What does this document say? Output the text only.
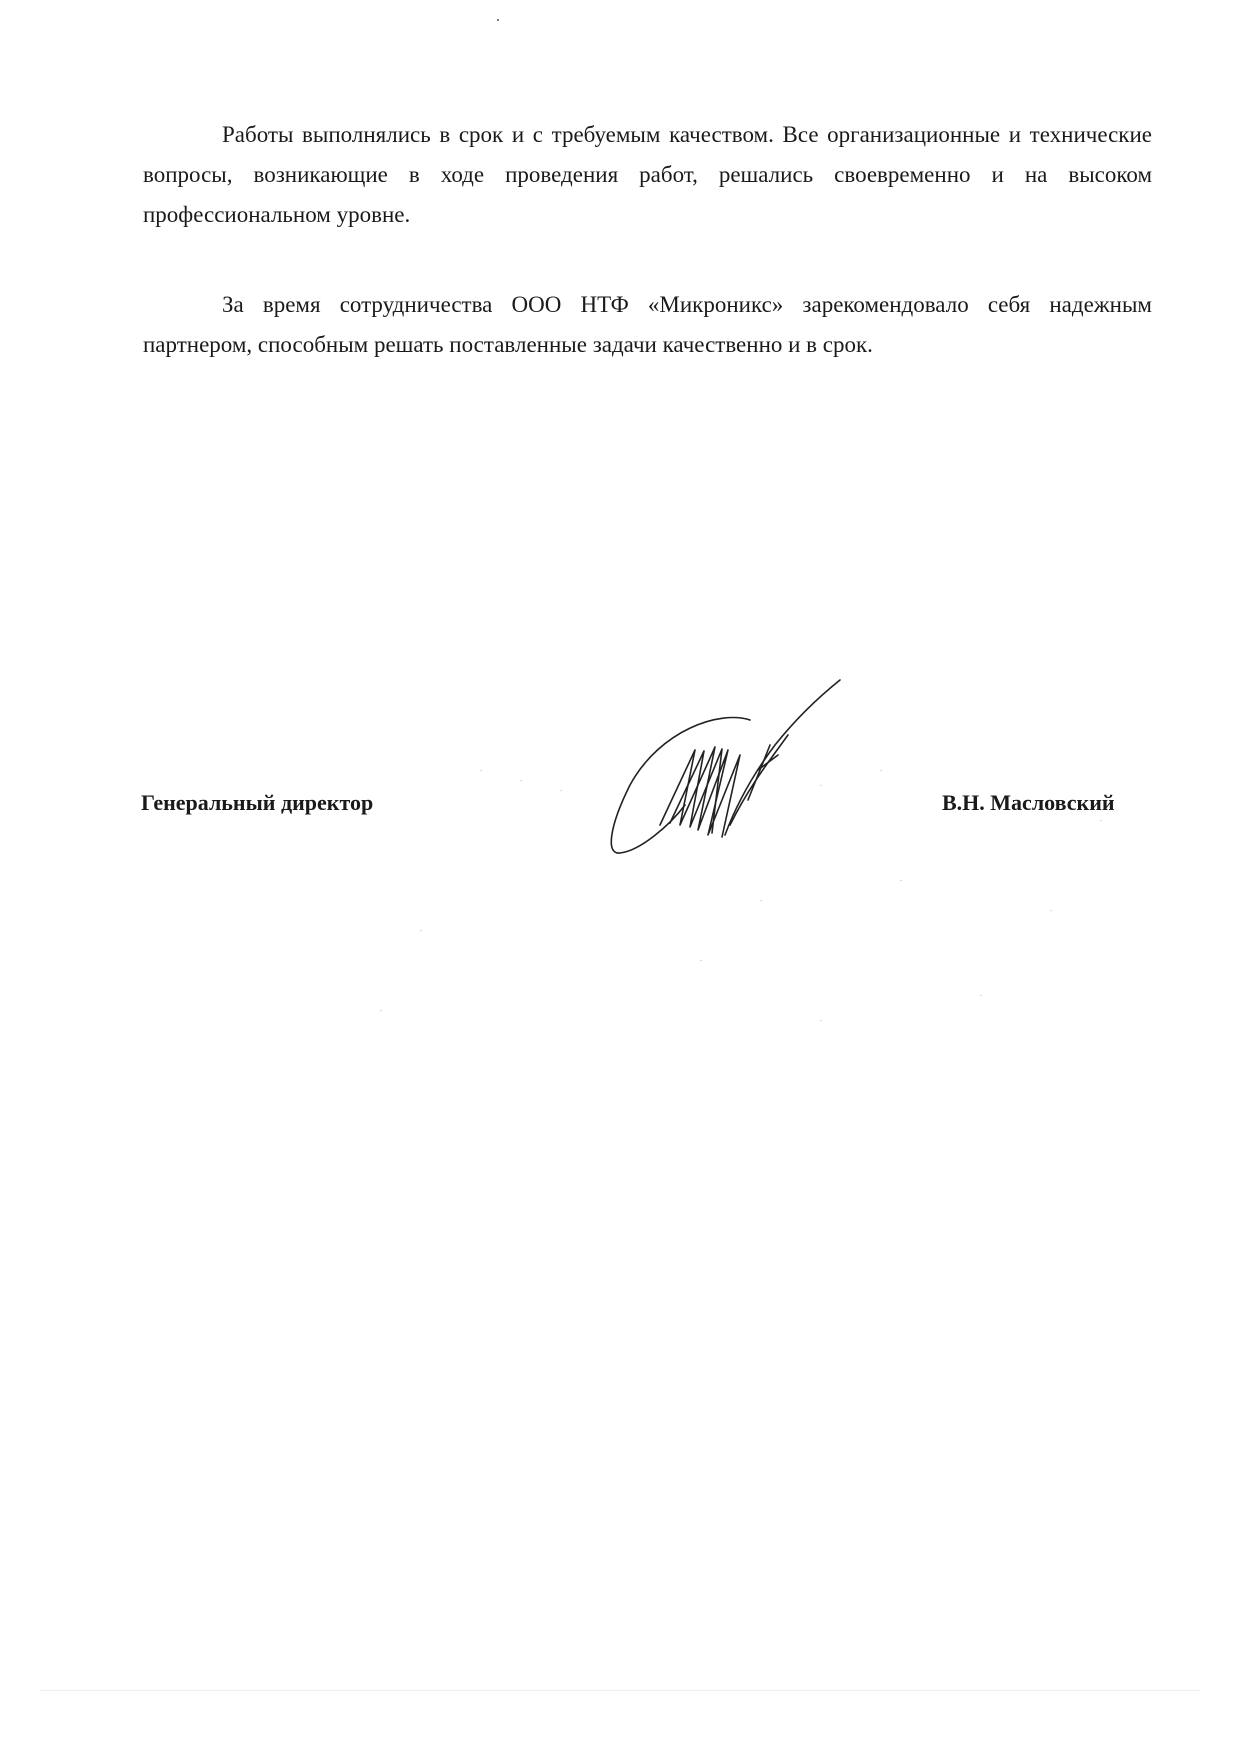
Работы выполнялись в срок и с требуемым качеством. Все организационные и технические вопросы, возникающие в ходе проведения работ, решались своевременно и на высоком профессиональном уровне.

За время сотрудничества ООО НТФ «Микроникс» зарекомендовало себя надежным партнером, способным решать поставленные задачи качественно и в срок.

Генеральный директор	В.Н. Масловский
